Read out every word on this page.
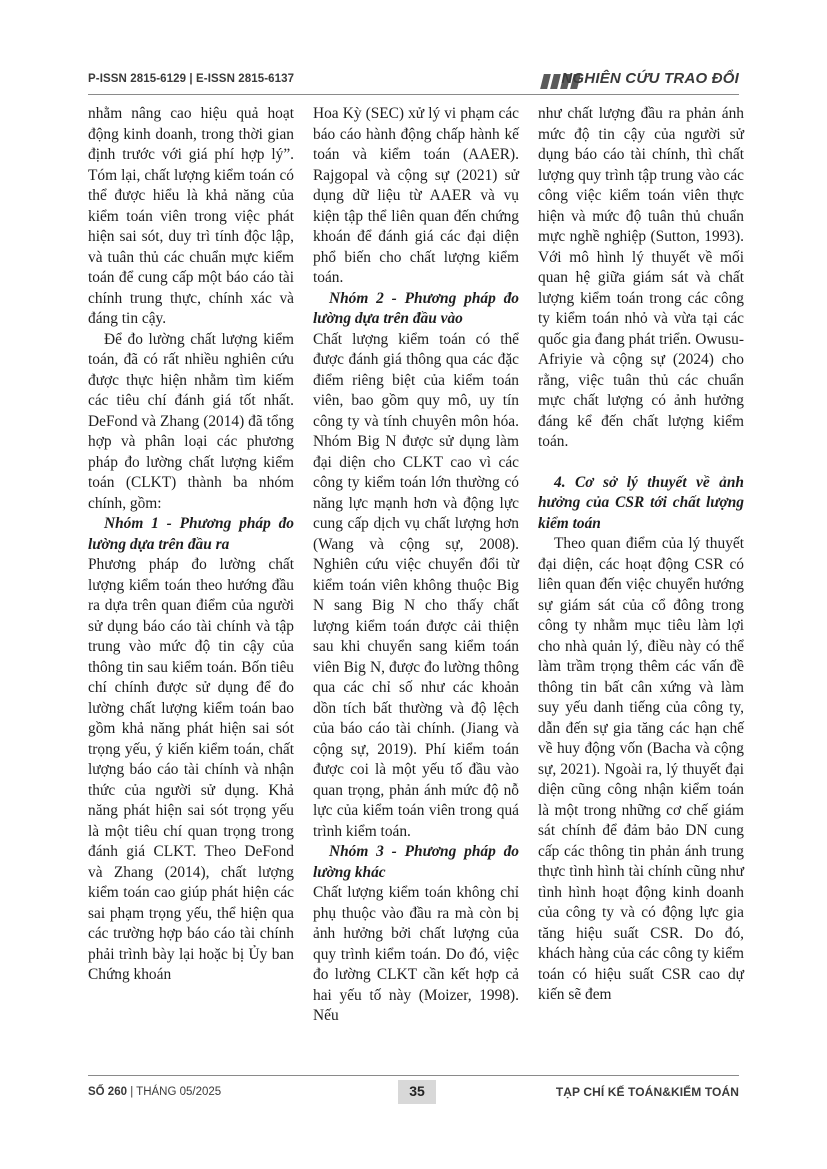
P-ISSN 2815-6129 | E-ISSN 2815-6137	NGHIÊN CỨU TRAO ĐỔI

nhằm nâng cao hiệu quả hoạt động kinh doanh, trong thời gian định trước với giá phí hợp lý”. Tóm lại, chất lượng kiểm toán có thể được hiểu là khả năng của kiểm toán viên trong việc phát hiện sai sót, duy trì tính độc lập, và tuân thủ các chuẩn mực kiểm toán để cung cấp một báo cáo tài chính trung thực, chính xác và đáng tin cậy.

Để đo lường chất lượng kiểm toán, đã có rất nhiều nghiên cứu được thực hiện nhằm tìm kiếm các tiêu chí đánh giá tốt nhất. DeFond và Zhang (2014) đã tổng hợp và phân loại các phương pháp đo lường chất lượng kiểm toán (CLKT) thành ba nhóm chính, gồm:

Nhóm 1 - Phương pháp đo lường dựa trên đầu ra

Phương pháp đo lường chất lượng kiểm toán theo hướng đầu ra dựa trên quan điểm của người sử dụng báo cáo tài chính và tập trung vào mức độ tin cậy của thông tin sau kiểm toán. Bốn tiêu chí chính được sử dụng để đo lường chất lượng kiểm toán bao gồm khả năng phát hiện sai sót trọng yếu, ý kiến kiểm toán, chất lượng báo cáo tài chính và nhận thức của người sử dụng. Khả năng phát hiện sai sót trọng yếu là một tiêu chí quan trọng trong đánh giá CLKT. Theo DeFond và Zhang (2014), chất lượng kiểm toán cao giúp phát hiện các sai phạm trọng yếu, thể hiện qua các trường hợp báo cáo tài chính phải trình bày lại hoặc bị Ủy ban Chứng khoán

Hoa Kỳ (SEC) xử lý vi phạm các báo cáo hành động chấp hành kế toán và kiểm toán (AAER). Rajgopal và cộng sự (2021) sử dụng dữ liệu từ AAER và vụ kiện tập thể liên quan đến chứng khoán để đánh giá các đại diện phổ biến cho chất lượng kiểm toán.

Nhóm 2 - Phương pháp đo lường dựa trên đầu vào

Chất lượng kiểm toán có thể được đánh giá thông qua các đặc điểm riêng biệt của kiểm toán viên, bao gồm quy mô, uy tín công ty và tính chuyên môn hóa. Nhóm Big N được sử dụng làm đại diện cho CLKT cao vì các công ty kiểm toán lớn thường có năng lực mạnh hơn và động lực cung cấp dịch vụ chất lượng hơn (Wang và cộng sự, 2008). Nghiên cứu việc chuyển đổi từ kiểm toán viên không thuộc Big N sang Big N cho thấy chất lượng kiểm toán được cải thiện sau khi chuyển sang kiểm toán viên Big N, được đo lường thông qua các chỉ số như các khoản dồn tích bất thường và độ lệch của báo cáo tài chính. (Jiang và cộng sự, 2019). Phí kiểm toán được coi là một yếu tố đầu vào quan trọng, phản ánh mức độ nỗ lực của kiểm toán viên trong quá trình kiểm toán.

Nhóm 3 - Phương pháp đo lường khác

Chất lượng kiểm toán không chỉ phụ thuộc vào đầu ra mà còn bị ảnh hưởng bởi chất lượng của quy trình kiểm toán. Do đó, việc đo lường CLKT cần kết hợp cả hai yếu tố này (Moizer, 1998). Nếu

như chất lượng đầu ra phản ánh mức độ tin cậy của người sử dụng báo cáo tài chính, thì chất lượng quy trình tập trung vào các công việc kiểm toán viên thực hiện và mức độ tuân thủ chuẩn mực nghề nghiệp (Sutton, 1993). Với mô hình lý thuyết về mối quan hệ giữa giám sát và chất lượng kiểm toán trong các công ty kiểm toán nhỏ và vừa tại các quốc gia đang phát triển. Owusu-Afriyie và cộng sự (2024) cho rằng, việc tuân thủ các chuẩn mực chất lượng có ảnh hưởng đáng kể đến chất lượng kiểm toán.

4. Cơ sở lý thuyết về ảnh hưởng của CSR tới chất lượng kiểm toán

Theo quan điểm của lý thuyết đại diện, các hoạt động CSR có liên quan đến việc chuyển hướng sự giám sát của cổ đông trong công ty nhằm mục tiêu làm lợi cho nhà quản lý, điều này có thể làm trầm trọng thêm các vấn đề thông tin bất cân xứng và làm suy yếu danh tiếng của công ty, dẫn đến sự gia tăng các hạn chế về huy động vốn (Bacha và cộng sự, 2021). Ngoài ra, lý thuyết đại diện cũng công nhận kiểm toán là một trong những cơ chế giám sát chính để đảm bảo DN cung cấp các thông tin phản ánh trung thực tình hình tài chính cũng như tình hình hoạt động kinh doanh của công ty và có động lực gia tăng hiệu suất CSR. Do đó, khách hàng của các công ty kiểm toán có hiệu suất CSR cao dự kiến sẽ đem

SỐ 260 | THÁNG 05/2025	35	TẠP CHÍ KẾ TOÁN&KIỂM TOÁN
